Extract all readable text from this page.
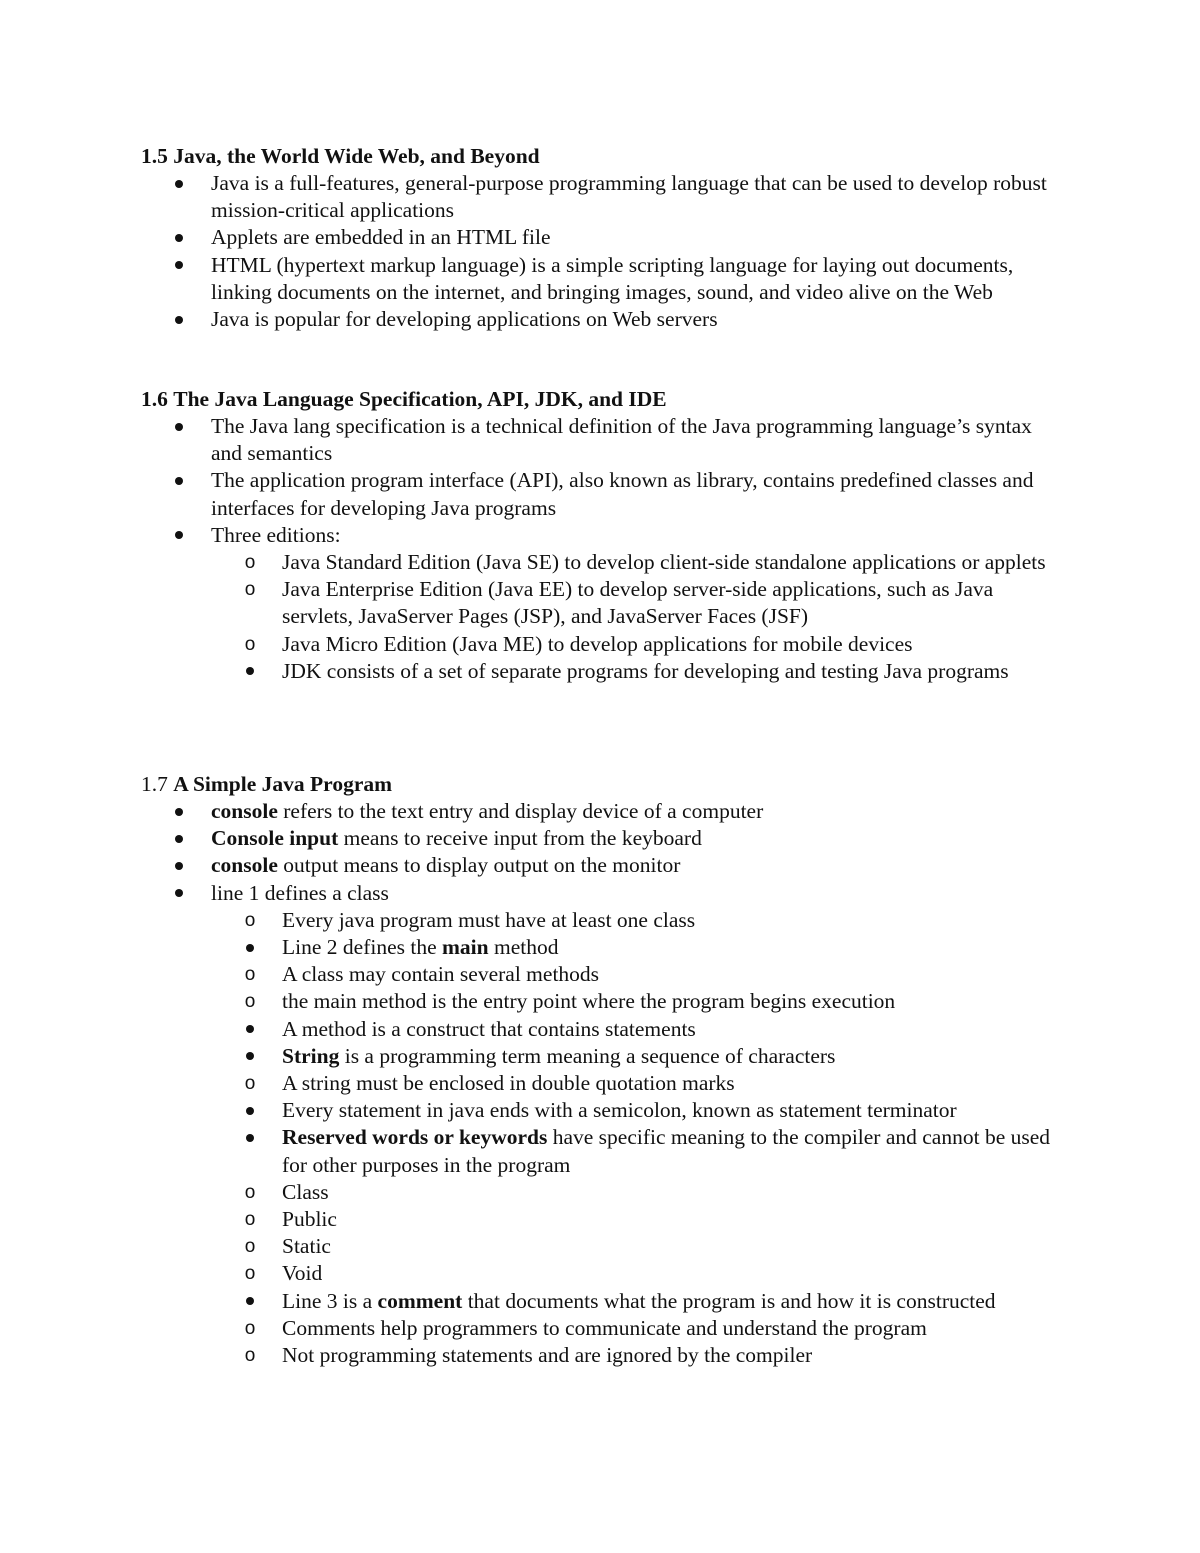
1.5 Java, the World Wide Web, and Beyond
Java is a full-features, general-purpose programming language that can be used to develop robust mission-critical applications
Applets are embedded in an HTML file
HTML (hypertext markup language) is a simple scripting language for laying out documents, linking documents on the internet, and bringing images, sound, and video alive on the Web
Java is popular for developing applications on Web servers
1.6 The Java Language Specification, API, JDK, and IDE
The Java lang specification is a technical definition of the Java programming language’s syntax and semantics
The application program interface (API), also known as library, contains predefined classes and interfaces for developing Java programs
Three editions:
o Java Standard Edition (Java SE) to develop client-side standalone applications or applets
o Java Enterprise Edition (Java EE) to develop server-side applications, such as Java servlets, JavaServer Pages (JSP), and JavaServer Faces (JSF)
o Java Micro Edition (Java ME) to develop applications for mobile devices
JDK consists of a set of separate programs for developing and testing Java programs
1.7 A Simple Java Program
console refers to the text entry and display device of a computer
Console input means to receive input from the keyboard
console output means to display output on the monitor
line 1 defines a class
o Every java program must have at least one class
Line 2 defines the main method
o A class may contain several methods
o the main method is the entry point where the program begins execution
A method is a construct that contains statements
String is a programming term meaning a sequence of characters
o A string must be enclosed in double quotation marks
Every statement in java ends with a semicolon, known as statement terminator
Reserved words or keywords have specific meaning to the compiler and cannot be used for other purposes in the program
o Class
o Public
o Static
o Void
Line 3 is a comment that documents what the program is and how it is constructed
o Comments help programmers to communicate and understand the program
o Not programming statements and are ignored by the compiler
